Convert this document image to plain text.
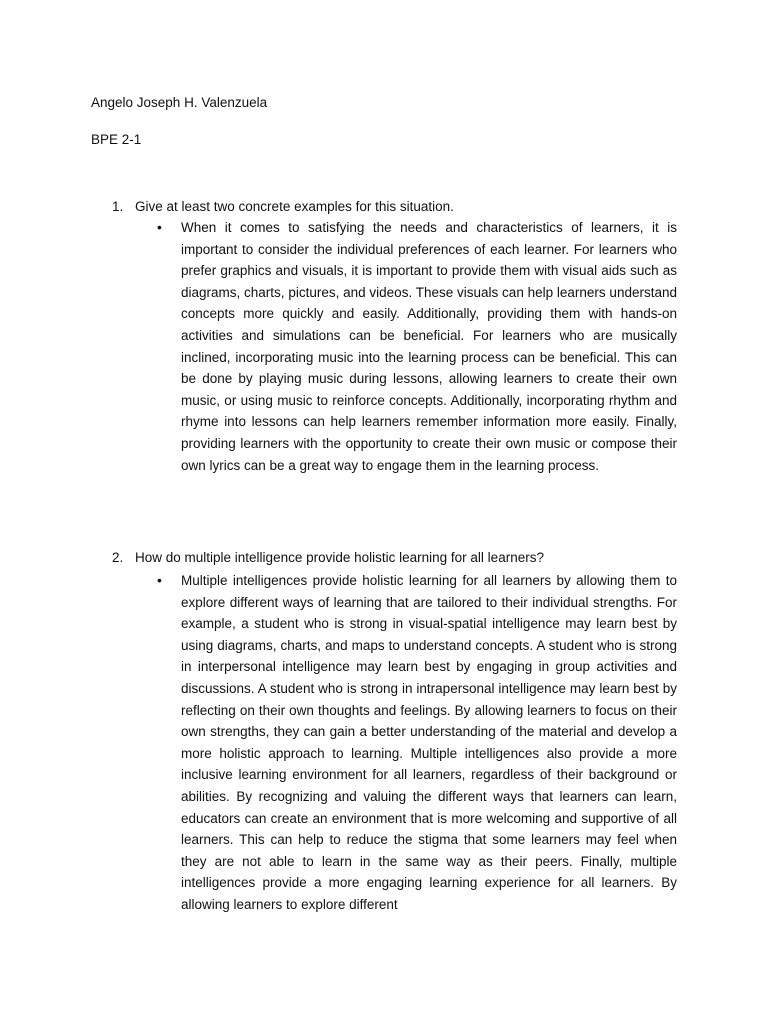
Angelo Joseph H. Valenzuela
BPE 2-1
1. Give at least two concrete examples for this situation.
• When it comes to satisfying the needs and characteristics of learners, it is important to consider the individual preferences of each learner. For learners who prefer graphics and visuals, it is important to provide them with visual aids such as diagrams, charts, pictures, and videos. These visuals can help learners understand concepts more quickly and easily. Additionally, providing them with hands-on activities and simulations can be beneficial. For learners who are musically inclined, incorporating music into the learning process can be beneficial. This can be done by playing music during lessons, allowing learners to create their own music, or using music to reinforce concepts. Additionally, incorporating rhythm and rhyme into lessons can help learners remember information more easily. Finally, providing learners with the opportunity to create their own music or compose their own lyrics can be a great way to engage them in the learning process.

2. How do multiple intelligence provide holistic learning for all learners?
• Multiple intelligences provide holistic learning for all learners by allowing them to explore different ways of learning that are tailored to their individual strengths. For example, a student who is strong in visual-spatial intelligence may learn best by using diagrams, charts, and maps to understand concepts. A student who is strong in interpersonal intelligence may learn best by engaging in group activities and discussions. A student who is strong in intrapersonal intelligence may learn best by reflecting on their own thoughts and feelings. By allowing learners to focus on their own strengths, they can gain a better understanding of the material and develop a more holistic approach to learning. Multiple intelligences also provide a more inclusive learning environment for all learners, regardless of their background or abilities. By recognizing and valuing the different ways that learners can learn, educators can create an environment that is more welcoming and supportive of all learners. This can help to reduce the stigma that some learners may feel when they are not able to learn in the same way as their peers. Finally, multiple intelligences provide a more engaging learning experience for all learners. By allowing learners to explore different
